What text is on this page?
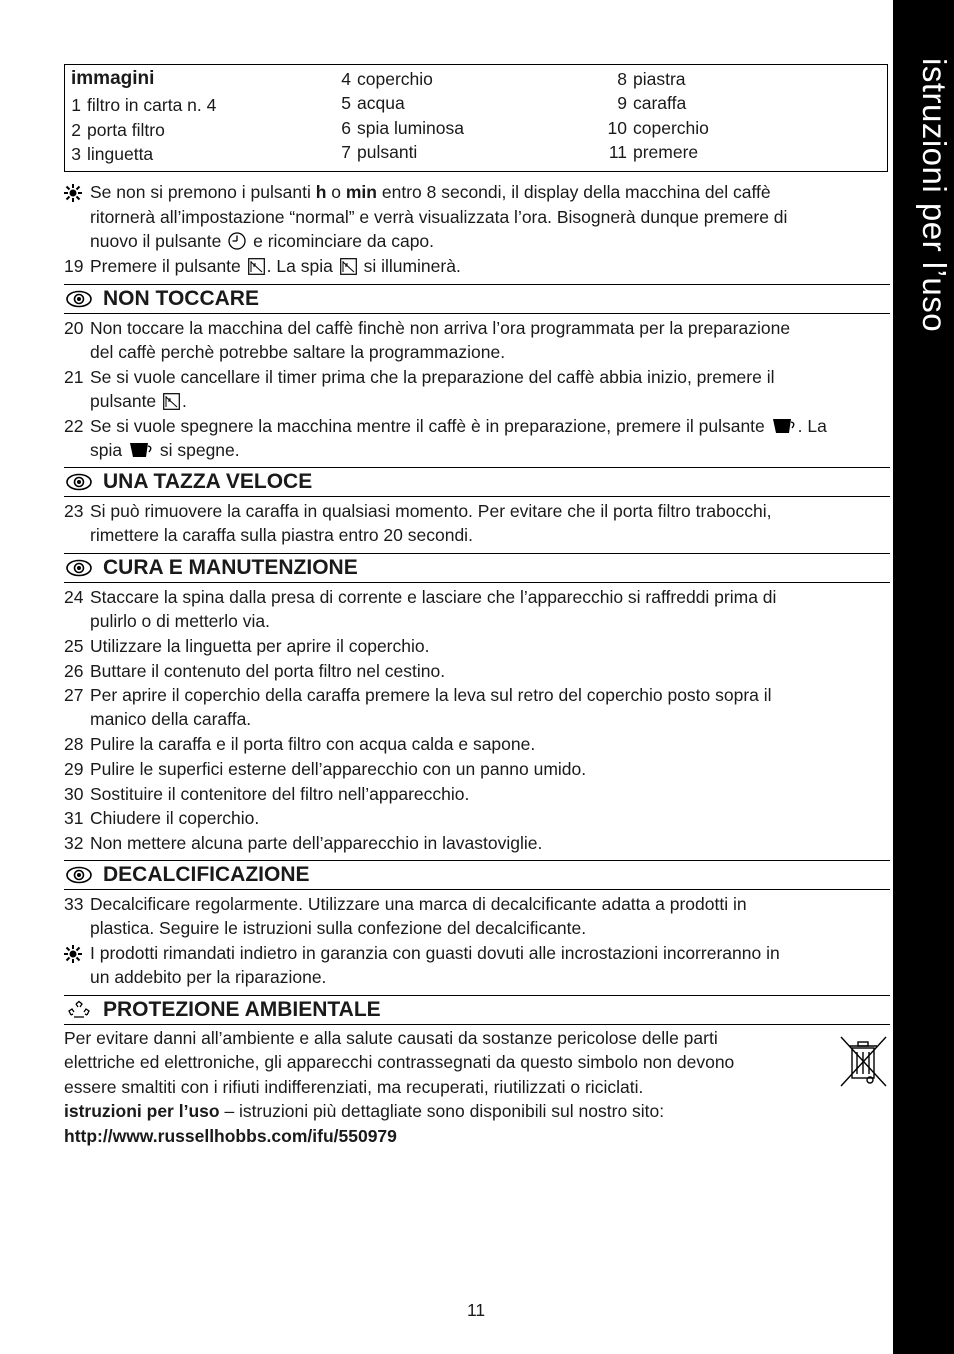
istruzioni per l’uso
immagini
1 filtro in carta n. 4
2 porta filtro
3 linguetta
4 coperchio
5 acqua
6 spia luminosa
7 pulsanti
8 piastra
9 caraffa
10 coperchio
11 premere
Se non si premono i pulsanti h o min entro 8 secondi, il display della macchina del caffè
ritornerà all’impostazione “normal” e verrà visualizzata l’ora. Bisognerà dunque premere di
nuovo il pulsante e ricominciare da capo.
19 Premere il pulsante . La spia si illuminerà.
NON TOCCARE
20 Non toccare la macchina del caffè finchè non arriva l’ora programmata per la preparazione
del caffè perchè potrebbe saltare la programmazione.
21 Se si vuole cancellare il timer prima che la preparazione del caffè abbia inizio, premere il
pulsante .
22 Se si vuole spegnere la macchina mentre il caffè è in preparazione, premere il pulsante . La
spia si spegne.
UNA TAZZA VELOCE
23 Si può rimuovere la caraffa in qualsiasi momento. Per evitare che il porta filtro trabocchi,
rimettere la caraffa sulla piastra entro 20 secondi.
CURA E MANUTENZIONE
24 Staccare la spina dalla presa di corrente e lasciare che l’apparecchio si raffreddi prima di
pulirlo o di metterlo via.
25 Utilizzare la linguetta per aprire il coperchio.
26 Buttare il contenuto del porta filtro nel cestino.
27 Per aprire il coperchio della caraffa premere la leva sul retro del coperchio posto sopra il
manico della caraffa.
28 Pulire la caraffa e il porta filtro con acqua calda e sapone.
29 Pulire le superfici esterne dell’apparecchio con un panno umido.
30 Sostituire il contenitore del filtro nell’apparecchio.
31 Chiudere il coperchio.
32 Non mettere alcuna parte dell’apparecchio in lavastoviglie.
DECALCIFICAZIONE
33 Decalcificare regolarmente. Utilizzare una marca di decalcificante adatta a prodotti in
plastica. Seguire le istruzioni sulla confezione del decalcificante.
I prodotti rimandati indietro in garanzia con guasti dovuti alle incrostazioni incorreranno in
un addebito per la riparazione.
PROTEZIONE AMBIENTALE
Per evitare danni all’ambiente e alla salute causati da sostanze pericolose delle parti
elettriche ed elettroniche, gli apparecchi contrassegnati da questo simbolo non devono
essere smaltiti con i rifiuti indifferenziati, ma recuperati, riutilizzati o riciclati.
istruzioni per l’uso – istruzioni più dettagliate sono disponibili sul nostro sito:
http://www.russellhobbs.com/ifu/550979
11
